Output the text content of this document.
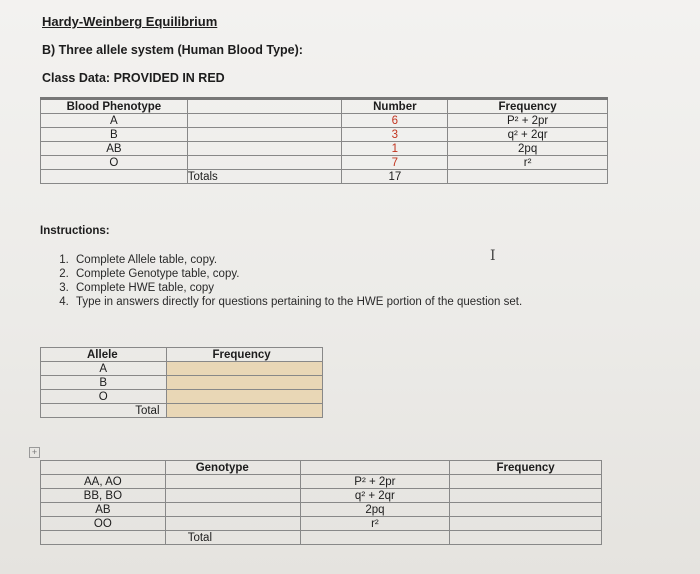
Hardy-Weinberg Equilibrium
B) Three allele system (Human Blood Type):
Class Data: PROVIDED IN RED
Blood Phenotype		Number	Frequency
A		6	P² + 2pr
B		3	q² + 2qr
AB		1	2pq
O		7	r²
	Totals	17	
Instructions:
I
1. Complete Allele table, copy.
2. Complete Genotype table, copy.
3. Complete HWE table, copy
4. Type in answers directly for questions pertaining to the HWE portion of the question set.
Allele	Frequency
A	
B	
O	
Total	
+
	Genotype		Frequency
AA, AO		P² + 2pr	
BB, BO		q² + 2qr	
AB		2pq	
OO		r²	
	Total		
